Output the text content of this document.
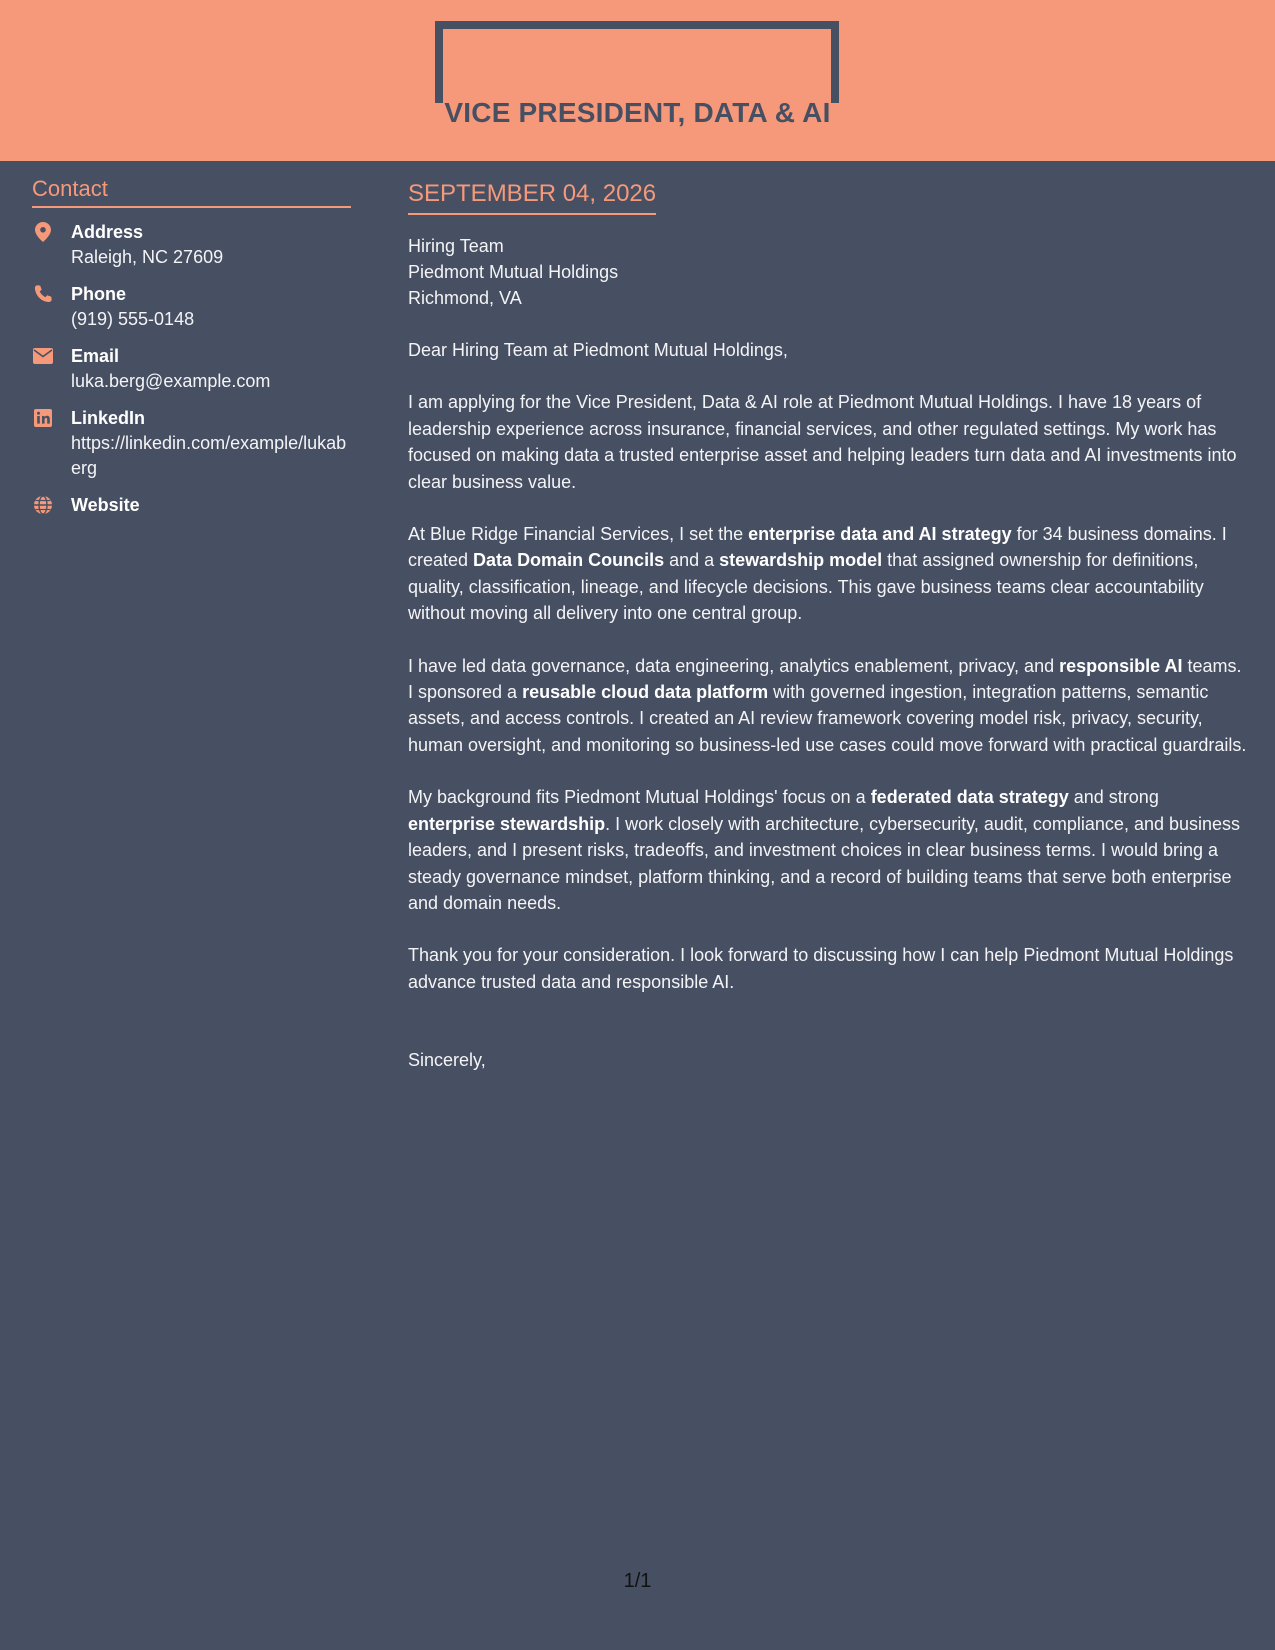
VICE PRESIDENT, DATA & AI
Contact
Address
Raleigh, NC 27609
Phone
(919) 555-0148
Email
luka.berg@example.com
LinkedIn
https://linkedin.com/example/lukaberg
Website
SEPTEMBER 04, 2026
Hiring Team
Piedmont Mutual Holdings
Richmond, VA

Dear Hiring Team at Piedmont Mutual Holdings,

I am applying for the Vice President, Data & AI role at Piedmont Mutual Holdings. I have 18 years of leadership experience across insurance, financial services, and other regulated settings. My work has focused on making data a trusted enterprise asset and helping leaders turn data and AI investments into clear business value.

At Blue Ridge Financial Services, I set the enterprise data and AI strategy for 34 business domains. I created Data Domain Councils and a stewardship model that assigned ownership for definitions, quality, classification, lineage, and lifecycle decisions. This gave business teams clear accountability without moving all delivery into one central group.

I have led data governance, data engineering, analytics enablement, privacy, and responsible AI teams. I sponsored a reusable cloud data platform with governed ingestion, integration patterns, semantic assets, and access controls. I created an AI review framework covering model risk, privacy, security, human oversight, and monitoring so business-led use cases could move forward with practical guardrails.

My background fits Piedmont Mutual Holdings' focus on a federated data strategy and strong enterprise stewardship. I work closely with architecture, cybersecurity, audit, compliance, and business leaders, and I present risks, tradeoffs, and investment choices in clear business terms. I would bring a steady governance mindset, platform thinking, and a record of building teams that serve both enterprise and domain needs.

Thank you for your consideration. I look forward to discussing how I can help Piedmont Mutual Holdings advance trusted data and responsible AI.

Sincerely,

1/1
